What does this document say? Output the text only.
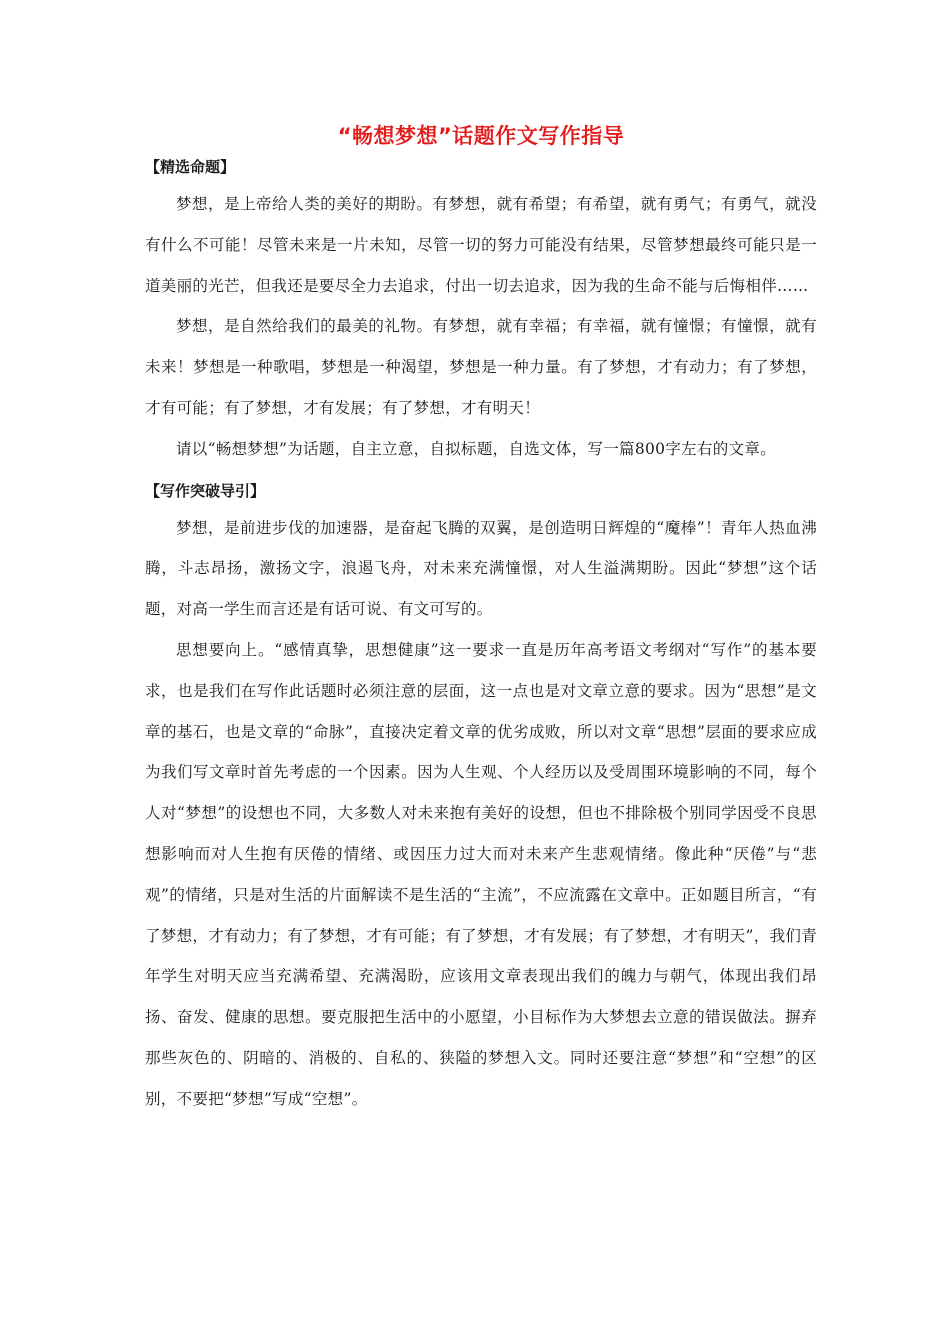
“畅想梦想”话题作文写作指导
【精选命题】

梦想，是上帝给人类的美好的期盼。有梦想，就有希望；有希望，就有勇气；有勇气，就没有什么不可能！尽管未来是一片未知，尽管一切的努力可能没有结果，尽管梦想最终可能只是一道美丽的光芒，但我还是要尽全力去追求，付出一切去追求，因为我的生命不能与后悔相伴……

梦想，是自然给我们的最美的礼物。有梦想，就有幸福；有幸福，就有憧憬；有憧憬，就有未来！梦想是一种歌唱，梦想是一种渴望，梦想是一种力量。有了梦想，才有动力；有了梦想，才有可能；有了梦想，才有发展；有了梦想，才有明天！

请以“畅想梦想”为话题，自主立意，自拟标题，自选文体，写一篇800字左右的文章。

【写作突破导引】

梦想，是前进步伐的加速器，是奋起飞腾的双翼，是创造明日辉煌的“魔棒”！青年人热血沸腾，斗志昂扬，激扬文字，浪遏飞舟，对未来充满憧憬，对人生溢满期盼。因此“梦想”这个话题，对高一学生而言还是有话可说、有文可写的。

思想要向上。“感情真挚，思想健康”这一要求一直是历年高考语文考纲对“写作”的基本要求，也是我们在写作此话题时必须注意的层面，这一点也是对文章立意的要求。因为“思想”是文章的基石，也是文章的“命脉”，直接决定着文章的优劣成败，所以对文章“思想”层面的要求应成为我们写文章时首先考虑的一个因素。因为人生观、个人经历以及受周围环境影响的不同，每个人对“梦想”的设想也不同，大多数人对未来抱有美好的设想，但也不排除极个别同学因受不良思想影响而对人生抱有厌倦的情绪、或因压力过大而对未来产生悲观情绪。像此种“厌倦”与“悲观”的情绪，只是对生活的片面解读不是生活的“主流”，不应流露在文章中。正如题目所言，“有了梦想，才有动力；有了梦想，才有可能；有了梦想，才有发展；有了梦想，才有明天”，我们青年学生对明天应当充满希望、充满渴盼，应该用文章表现出我们的魄力与朝气，体现出我们昂扬、奋发、健康的思想。要克服把生活中的小愿望，小目标作为大梦想去立意的错误做法。摒弃那些灰色的、阴暗的、消极的、自私的、狭隘的梦想入文。同时还要注意“梦想”和“空想”的区别，不要把“梦想”写成“空想”。
